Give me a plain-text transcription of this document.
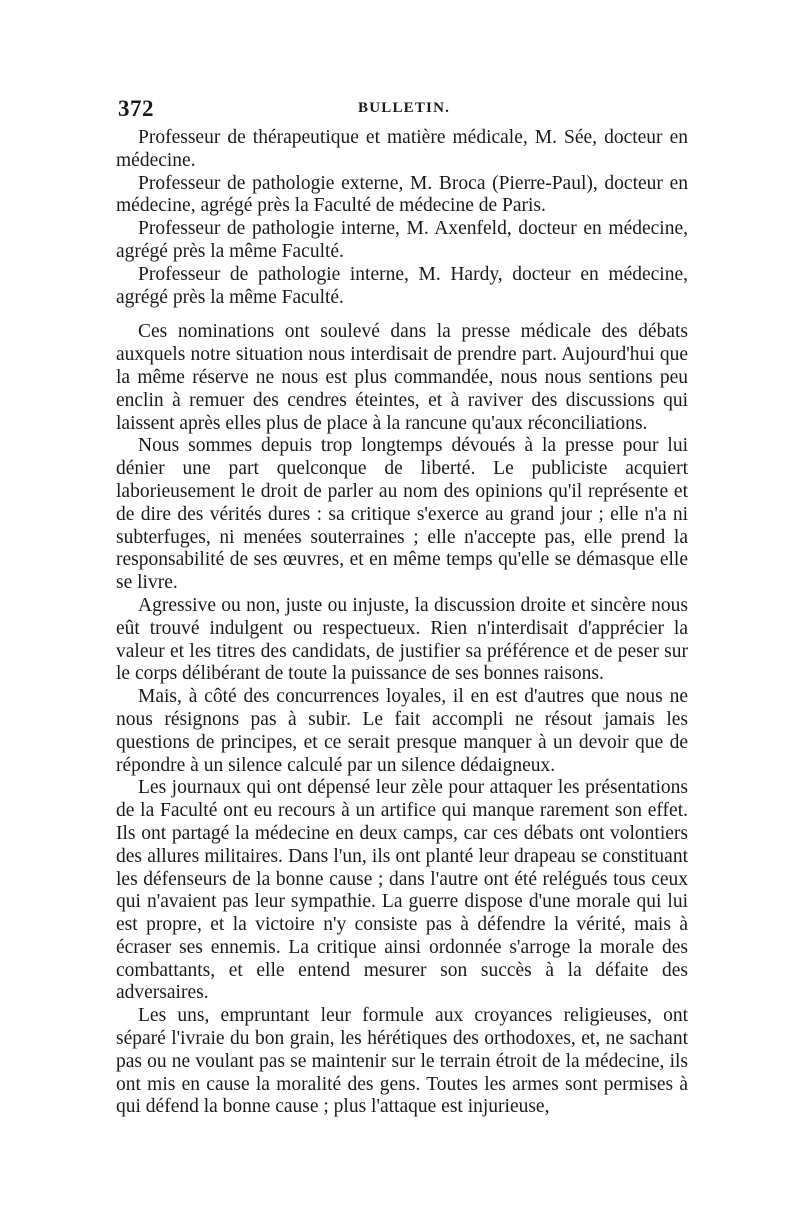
372	BULLETIN.

Professeur de thérapeutique et matière médicale, M. Sée, docteur en médecine.

Professeur de pathologie externe, M. Broca (Pierre-Paul), docteur en médecine, agrégé près la Faculté de médecine de Paris.

Professeur de pathologie interne, M. Axenfeld, docteur en médecine, agrégé près la même Faculté.

Professeur de pathologie interne, M. Hardy, docteur en médecine, agrégé près la même Faculté.

Ces nominations ont soulevé dans la presse médicale des débats auxquels notre situation nous interdisait de prendre part. Aujourd'hui que la même réserve ne nous est plus commandée, nous nous sentions peu enclin à remuer des cendres éteintes, et à raviver des discussions qui laissent après elles plus de place à la rancune qu'aux réconciliations.

Nous sommes depuis trop longtemps dévoués à la presse pour lui dénier une part quelconque de liberté. Le publiciste acquiert laborieusement le droit de parler au nom des opinions qu'il représente et de dire des vérités dures : sa critique s'exerce au grand jour ; elle n'a ni subterfuges, ni menées souterraines ; elle n'accepte pas, elle prend la responsabilité de ses œuvres, et en même temps qu'elle se démasque elle se livre.

Agressive ou non, juste ou injuste, la discussion droite et sincère nous eût trouvé indulgent ou respectueux. Rien n'interdisait d'apprécier la valeur et les titres des candidats, de justifier sa préférence et de peser sur le corps délibérant de toute la puissance de ses bonnes raisons.

Mais, à côté des concurrences loyales, il en est d'autres que nous ne nous résignons pas à subir. Le fait accompli ne résout jamais les questions de principes, et ce serait presque manquer à un devoir que de répondre à un silence calculé par un silence dédaigneux.

Les journaux qui ont dépensé leur zèle pour attaquer les présentations de la Faculté ont eu recours à un artifice qui manque rarement son effet. Ils ont partagé la médecine en deux camps, car ces débats ont volontiers des allures militaires. Dans l'un, ils ont planté leur drapeau se constituant les défenseurs de la bonne cause ; dans l'autre ont été relégués tous ceux qui n'avaient pas leur sympathie. La guerre dispose d'une morale qui lui est propre, et la victoire n'y consiste pas à défendre la vérité, mais à écraser ses ennemis. La critique ainsi ordonnée s'arroge la morale des combattants, et elle entend mesurer son succès à la défaite des adversaires.

Les uns, empruntant leur formule aux croyances religieuses, ont séparé l'ivraie du bon grain, les hérétiques des orthodoxes, et, ne sachant pas ou ne voulant pas se maintenir sur le terrain étroit de la médecine, ils ont mis en cause la moralité des gens. Toutes les armes sont permises à qui défend la bonne cause ; plus l'attaque est injurieuse,
